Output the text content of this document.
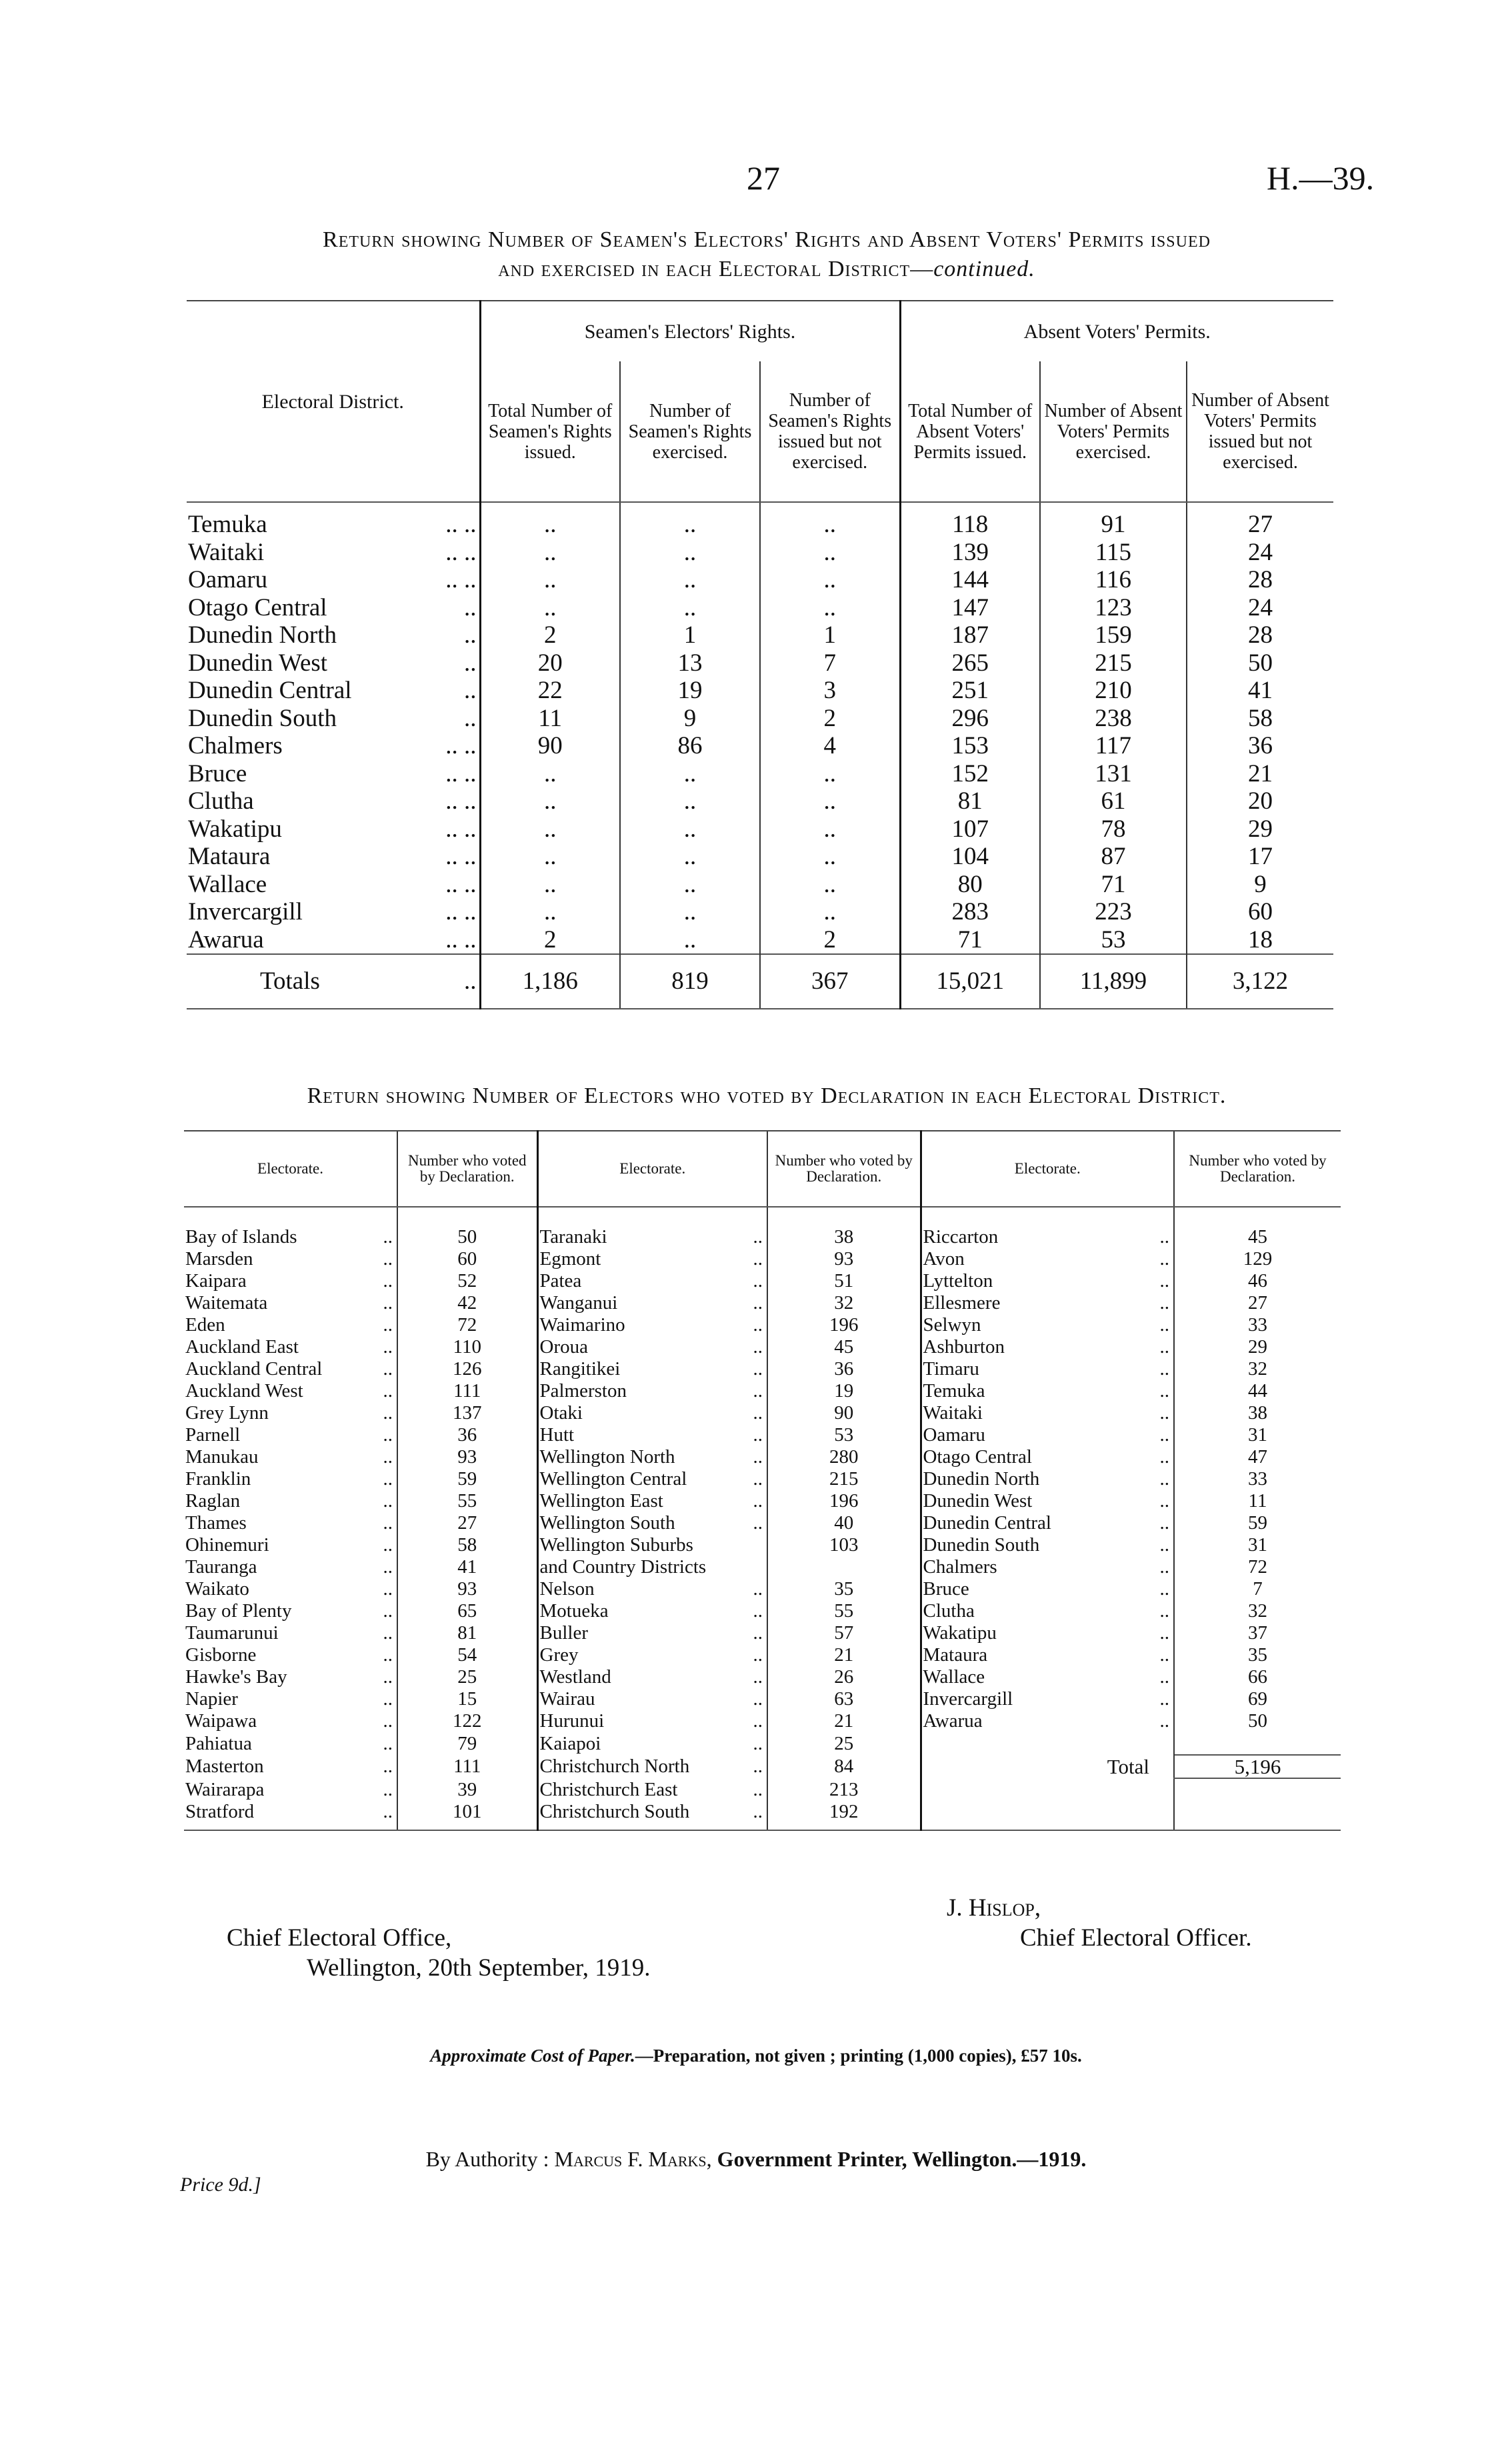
27	H.—39.
Return showing Number of Seamen's Electors' Rights and Absent Voters' Permits issued
and exercised in each Electoral District—continued.
Electoral District.		Seamen's Electors' Rights.			Absent Voters' Permits.		
		Total Number of Seamen's Rights issued.	Number of Seamen's Rights exercised.	Number of Seamen's Rights issued but not exercised.	Total Number of Absent Voters' Permits issued.	Number of Absent Voters' Permits exercised.	Number of Absent Voters' Permits issued but not exercised.
Temuka	.. ..	..	..	..	118	91	27
Waitaki	.. ..	..	..	..	139	115	24
Oamaru	.. ..	..	..	..	144	116	28
Otago Central	..	..	..	..	147	123	24
Dunedin North	..	2	1	1	187	159	28
Dunedin West	..	20	13	7	265	215	50
Dunedin Central	..	22	19	3	251	210	41
Dunedin South	..	11	9	2	296	238	58
Chalmers	.. ..	90	86	4	153	117	36
Bruce	.. ..	..	..	..	152	131	21
Clutha	.. ..	..	..	..	81	61	20
Wakatipu	.. ..	..	..	..	107	78	29
Mataura	.. ..	..	..	..	104	87	17
Wallace	.. ..	..	..	..	80	71	9
Invercargill	.. ..	..	..	..	283	223	60
Awarua	.. ..	2	..	2	71	53	18
Totals	..	1,186	819	367	15,021	11,899	3,122
Return showing Number of Electors who voted by Declaration in each Electoral District.
Electorate.		Number who voted by Declaration.	Electorate.		Number who voted by Declaration.	Electorate.		Number who voted by Declaration.

Bay of Islands	..	50	Taranaki	..	38	Riccarton	..	45
Marsden	..	60	Egmont	..	93	Avon	..	129
Kaipara	..	52	Patea	..	51	Lyttelton	..	46
Waitemata	..	42	Wanganui	..	32	Ellesmere	..	27
Eden	..	72	Waimarino	..	196	Selwyn	..	33
Auckland East	..	110	Oroua	..	45	Ashburton	..	29
Auckland Central	..	126	Rangitikei	..	36	Timaru	..	32
Auckland West	..	111	Palmerston	..	19	Temuka	..	44
Grey Lynn	..	137	Otaki	..	90	Waitaki	..	38
Parnell	..	36	Hutt	..	53	Oamaru	..	31
Manukau	..	93	Wellington North	..	280	Otago Central	..	47
Franklin	..	59	Wellington Central	..	215	Dunedin North	..	33
Raglan	..	55	Wellington East	..	196	Dunedin West	..	11
Thames	..	27	Wellington South	..	40	Dunedin Central	..	59
Ohinemuri	..	58	Wellington Suburbs		103	Dunedin South	..	31
Tauranga	..	41	and Country Districts			Chalmers	..	72
Waikato	..	93	Nelson	..	35	Bruce	..	7
Bay of Plenty	..	65	Motueka	..	55	Clutha	..	32
Taumarunui	..	81	Buller	..	57	Wakatipu	..	37
Gisborne	..	54	Grey	..	21	Mataura	..	35
Hawke's Bay	..	25	Westland	..	26	Wallace	..	66
Napier	..	15	Wairau	..	63	Invercargill	..	69
Waipawa	..	122	Hurunui	..	21	Awarua	..	50
Pahiatua	..	79	Kaiapoi	..	25			
Masterton	..	111	Christchurch North	..	84	Total		5,196
Wairarapa	..	39	Christchurch East	..	213			
Stratford	..	101	Christchurch South	..	192			
J. Hislop,
Chief Electoral Officer.
Chief Electoral Office,
Wellington, 20th September, 1919.
Approximate Cost of Paper.—Preparation, not given ; printing (1,000 copies), £57 10s.
By Authority : Marcus F. Marks, Government Printer, Wellington.—1919.
Price 9d.]
